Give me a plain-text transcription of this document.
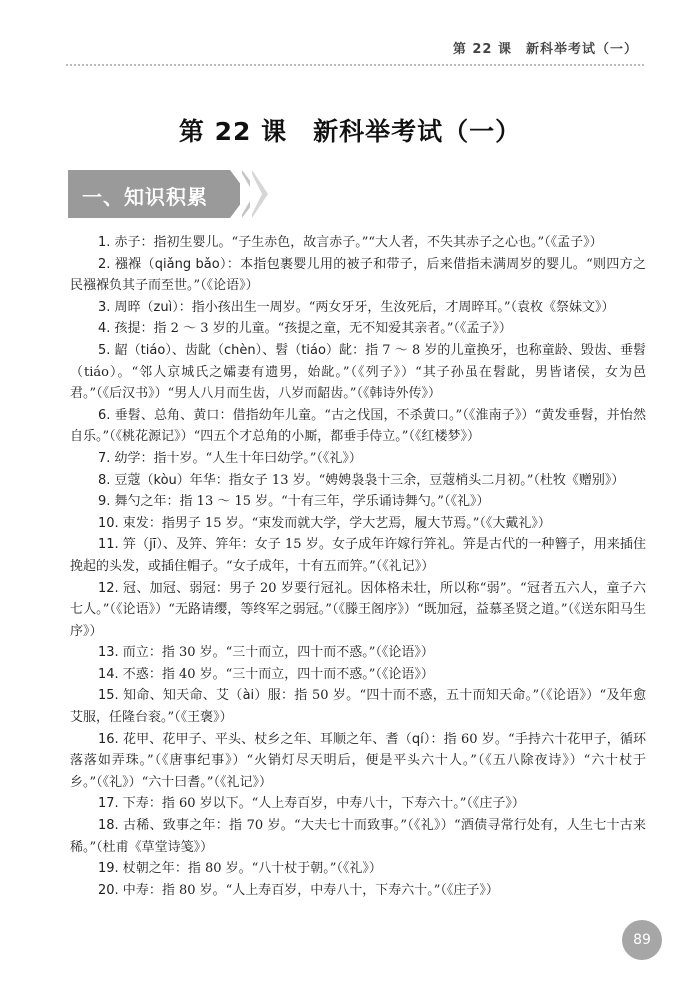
第 22 课　新科举考试（一）
第 22 课　新科举考试（一）
一、知识积累

1. 赤子：指初生婴儿。“子生赤色，故言赤子。”“大人者，不失其赤子之心也。”（《孟子》）

2. 襁褓（qiǎng bǎo）：本指包裹婴儿用的被子和带子，后来借指未满周岁的婴儿。“则四方之民襁褓负其子而至世。”（《论语》）

3. 周晬（zuì）：指小孩出生一周岁。“两女牙牙，生汝死后，才周晬耳。”（袁枚《祭妹文》）

4. 孩提：指 2 ～ 3 岁的儿童。“孩提之童，无不知爱其亲者。”（《孟子》）

5. 龆（tiáo）、齿龀（chèn）、髫（tiáo）龀：指 7 ～ 8 岁的儿童换牙，也称童龄、毁齿、垂髫（tiáo）。“邻人京城氏之孀妻有遗男，始龀。”（《列子》）“其子孙虽在髫龀，男皆诸侯，女为邑君。”（《后汉书》）“男人八月而生齿，八岁而龆齿。”（《韩诗外传》）

6. 垂髫、总角、黄口：借指幼年儿童。“古之伐国，不杀黄口。”（《淮南子》）“黄发垂髫，并怡然自乐。”（《桃花源记》）“四五个才总角的小厮，都垂手侍立。”（《红楼梦》）

7. 幼学：指十岁。“人生十年曰幼学。”（《礼》）

8. 豆蔻（kòu）年华：指女子 13 岁。“娉娉袅袅十三余，豆蔻梢头二月初。”（杜牧《赠别》）

9. 舞勺之年：指 13 ～ 15 岁。“十有三年，学乐诵诗舞勺。”（《礼》）

10. 束发：指男子 15 岁。“束发而就大学，学大艺焉，履大节焉。”（《大戴礼》）

11. 笄（jī）、及笄、笄年：女子 15 岁。女子成年许嫁行笄礼。笄是古代的一种簪子，用来插住挽起的头发，或插住帽子。“女子成年，十有五而笄。”（《礼记》）

12. 冠、加冠、弱冠：男子 20 岁要行冠礼。因体格未壮，所以称“弱”。“冠者五六人，童子六七人。”（《论语》）“无路请缨，等终军之弱冠。”（《滕王阁序》）“既加冠，益慕圣贤之道。”（《送东阳马生序》）

13. 而立：指 30 岁。“三十而立，四十而不惑。”（《论语》）

14. 不惑：指 40 岁。“三十而立，四十而不惑。”（《论语》）

15. 知命、知天命、艾（ài）服：指 50 岁。“四十而不惑，五十而知天命。”（《论语》）“及年愈艾服，任隆台衮。”（《王褒》）

16. 花甲、花甲子、平头、杖乡之年、耳顺之年、耆（qí）：指 60 岁。“手持六十花甲子，循环落落如弄珠。”（《唐事纪事》）“火销灯尽天明后，便是平头六十人。”（《五八除夜诗》）“六十杖于乡。”（《礼》）“六十曰耆。”（《礼记》）

17. 下寿：指 60 岁以下。“人上寿百岁，中寿八十，下寿六十。”（《庄子》）

18. 古稀、致事之年：指 70 岁。“大夫七十而致事。”（《礼》）“酒债寻常行处有，人生七十古来稀。”（杜甫《草堂诗笺》）

19. 杖朝之年：指 80 岁。“八十杖于朝。”（《礼》）

20. 中寿：指 80 岁。“人上寿百岁，中寿八十，下寿六十。”（《庄子》）

89
